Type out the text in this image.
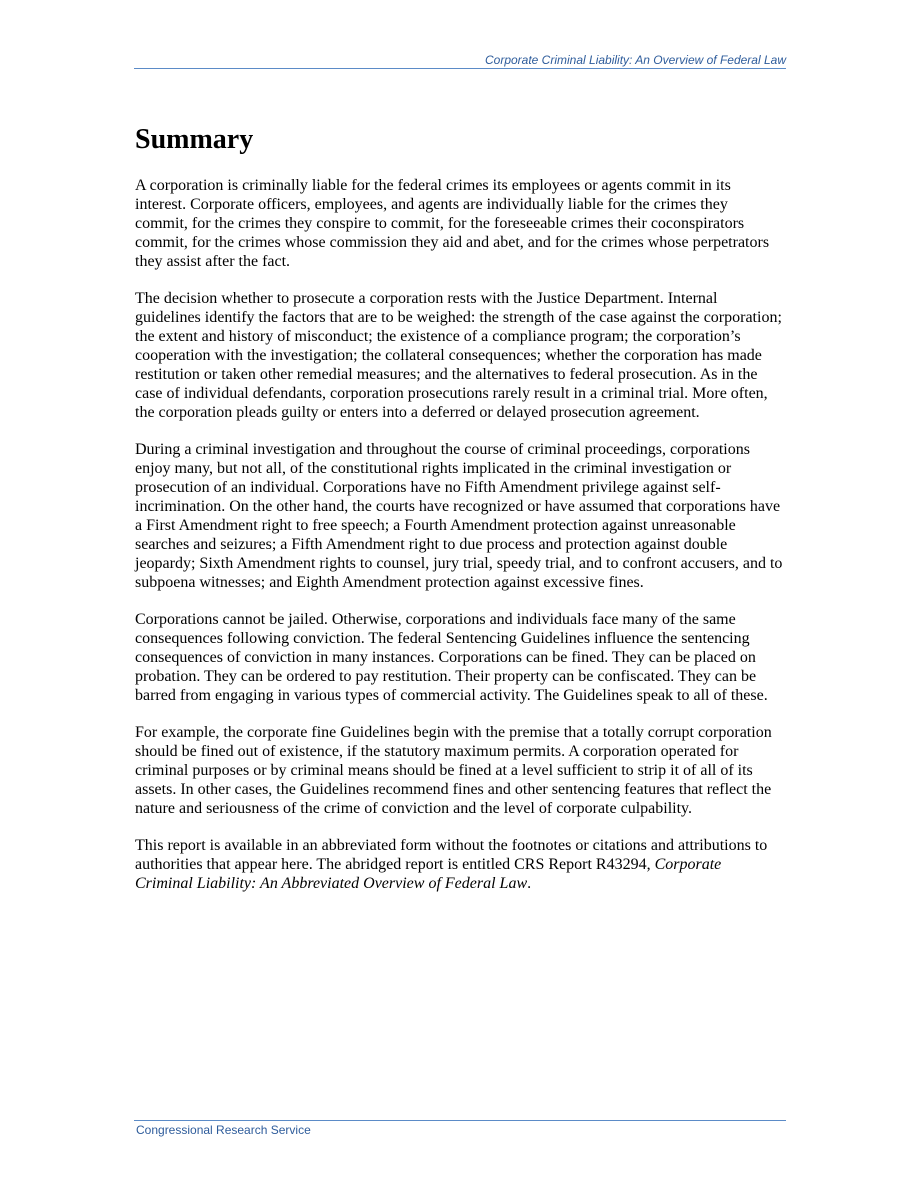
Corporate Criminal Liability: An Overview of Federal Law
Summary

A corporation is criminally liable for the federal crimes its employees or agents commit in its interest. Corporate officers, employees, and agents are individually liable for the crimes they commit, for the crimes they conspire to commit, for the foreseeable crimes their coconspirators commit, for the crimes whose commission they aid and abet, and for the crimes whose perpetrators they assist after the fact.

The decision whether to prosecute a corporation rests with the Justice Department. Internal guidelines identify the factors that are to be weighed: the strength of the case against the corporation; the extent and history of misconduct; the existence of a compliance program; the corporation’s cooperation with the investigation; the collateral consequences; whether the corporation has made restitution or taken other remedial measures; and the alternatives to federal prosecution. As in the case of individual defendants, corporation prosecutions rarely result in a criminal trial. More often, the corporation pleads guilty or enters into a deferred or delayed prosecution agreement.

During a criminal investigation and throughout the course of criminal proceedings, corporations enjoy many, but not all, of the constitutional rights implicated in the criminal investigation or prosecution of an individual. Corporations have no Fifth Amendment privilege against self-incrimination. On the other hand, the courts have recognized or have assumed that corporations have a First Amendment right to free speech; a Fourth Amendment protection against unreasonable searches and seizures; a Fifth Amendment right to due process and protection against double jeopardy; Sixth Amendment rights to counsel, jury trial, speedy trial, and to confront accusers, and to subpoena witnesses; and Eighth Amendment protection against excessive fines.

Corporations cannot be jailed. Otherwise, corporations and individuals face many of the same consequences following conviction. The federal Sentencing Guidelines influence the sentencing consequences of conviction in many instances. Corporations can be fined. They can be placed on probation. They can be ordered to pay restitution. Their property can be confiscated. They can be barred from engaging in various types of commercial activity. The Guidelines speak to all of these.

For example, the corporate fine Guidelines begin with the premise that a totally corrupt corporation should be fined out of existence, if the statutory maximum permits. A corporation operated for criminal purposes or by criminal means should be fined at a level sufficient to strip it of all of its assets. In other cases, the Guidelines recommend fines and other sentencing features that reflect the nature and seriousness of the crime of conviction and the level of corporate culpability.

This report is available in an abbreviated form without the footnotes or citations and attributions to authorities that appear here. The abridged report is entitled CRS Report R43294, Corporate Criminal Liability: An Abbreviated Overview of Federal Law.

Congressional Research Service
